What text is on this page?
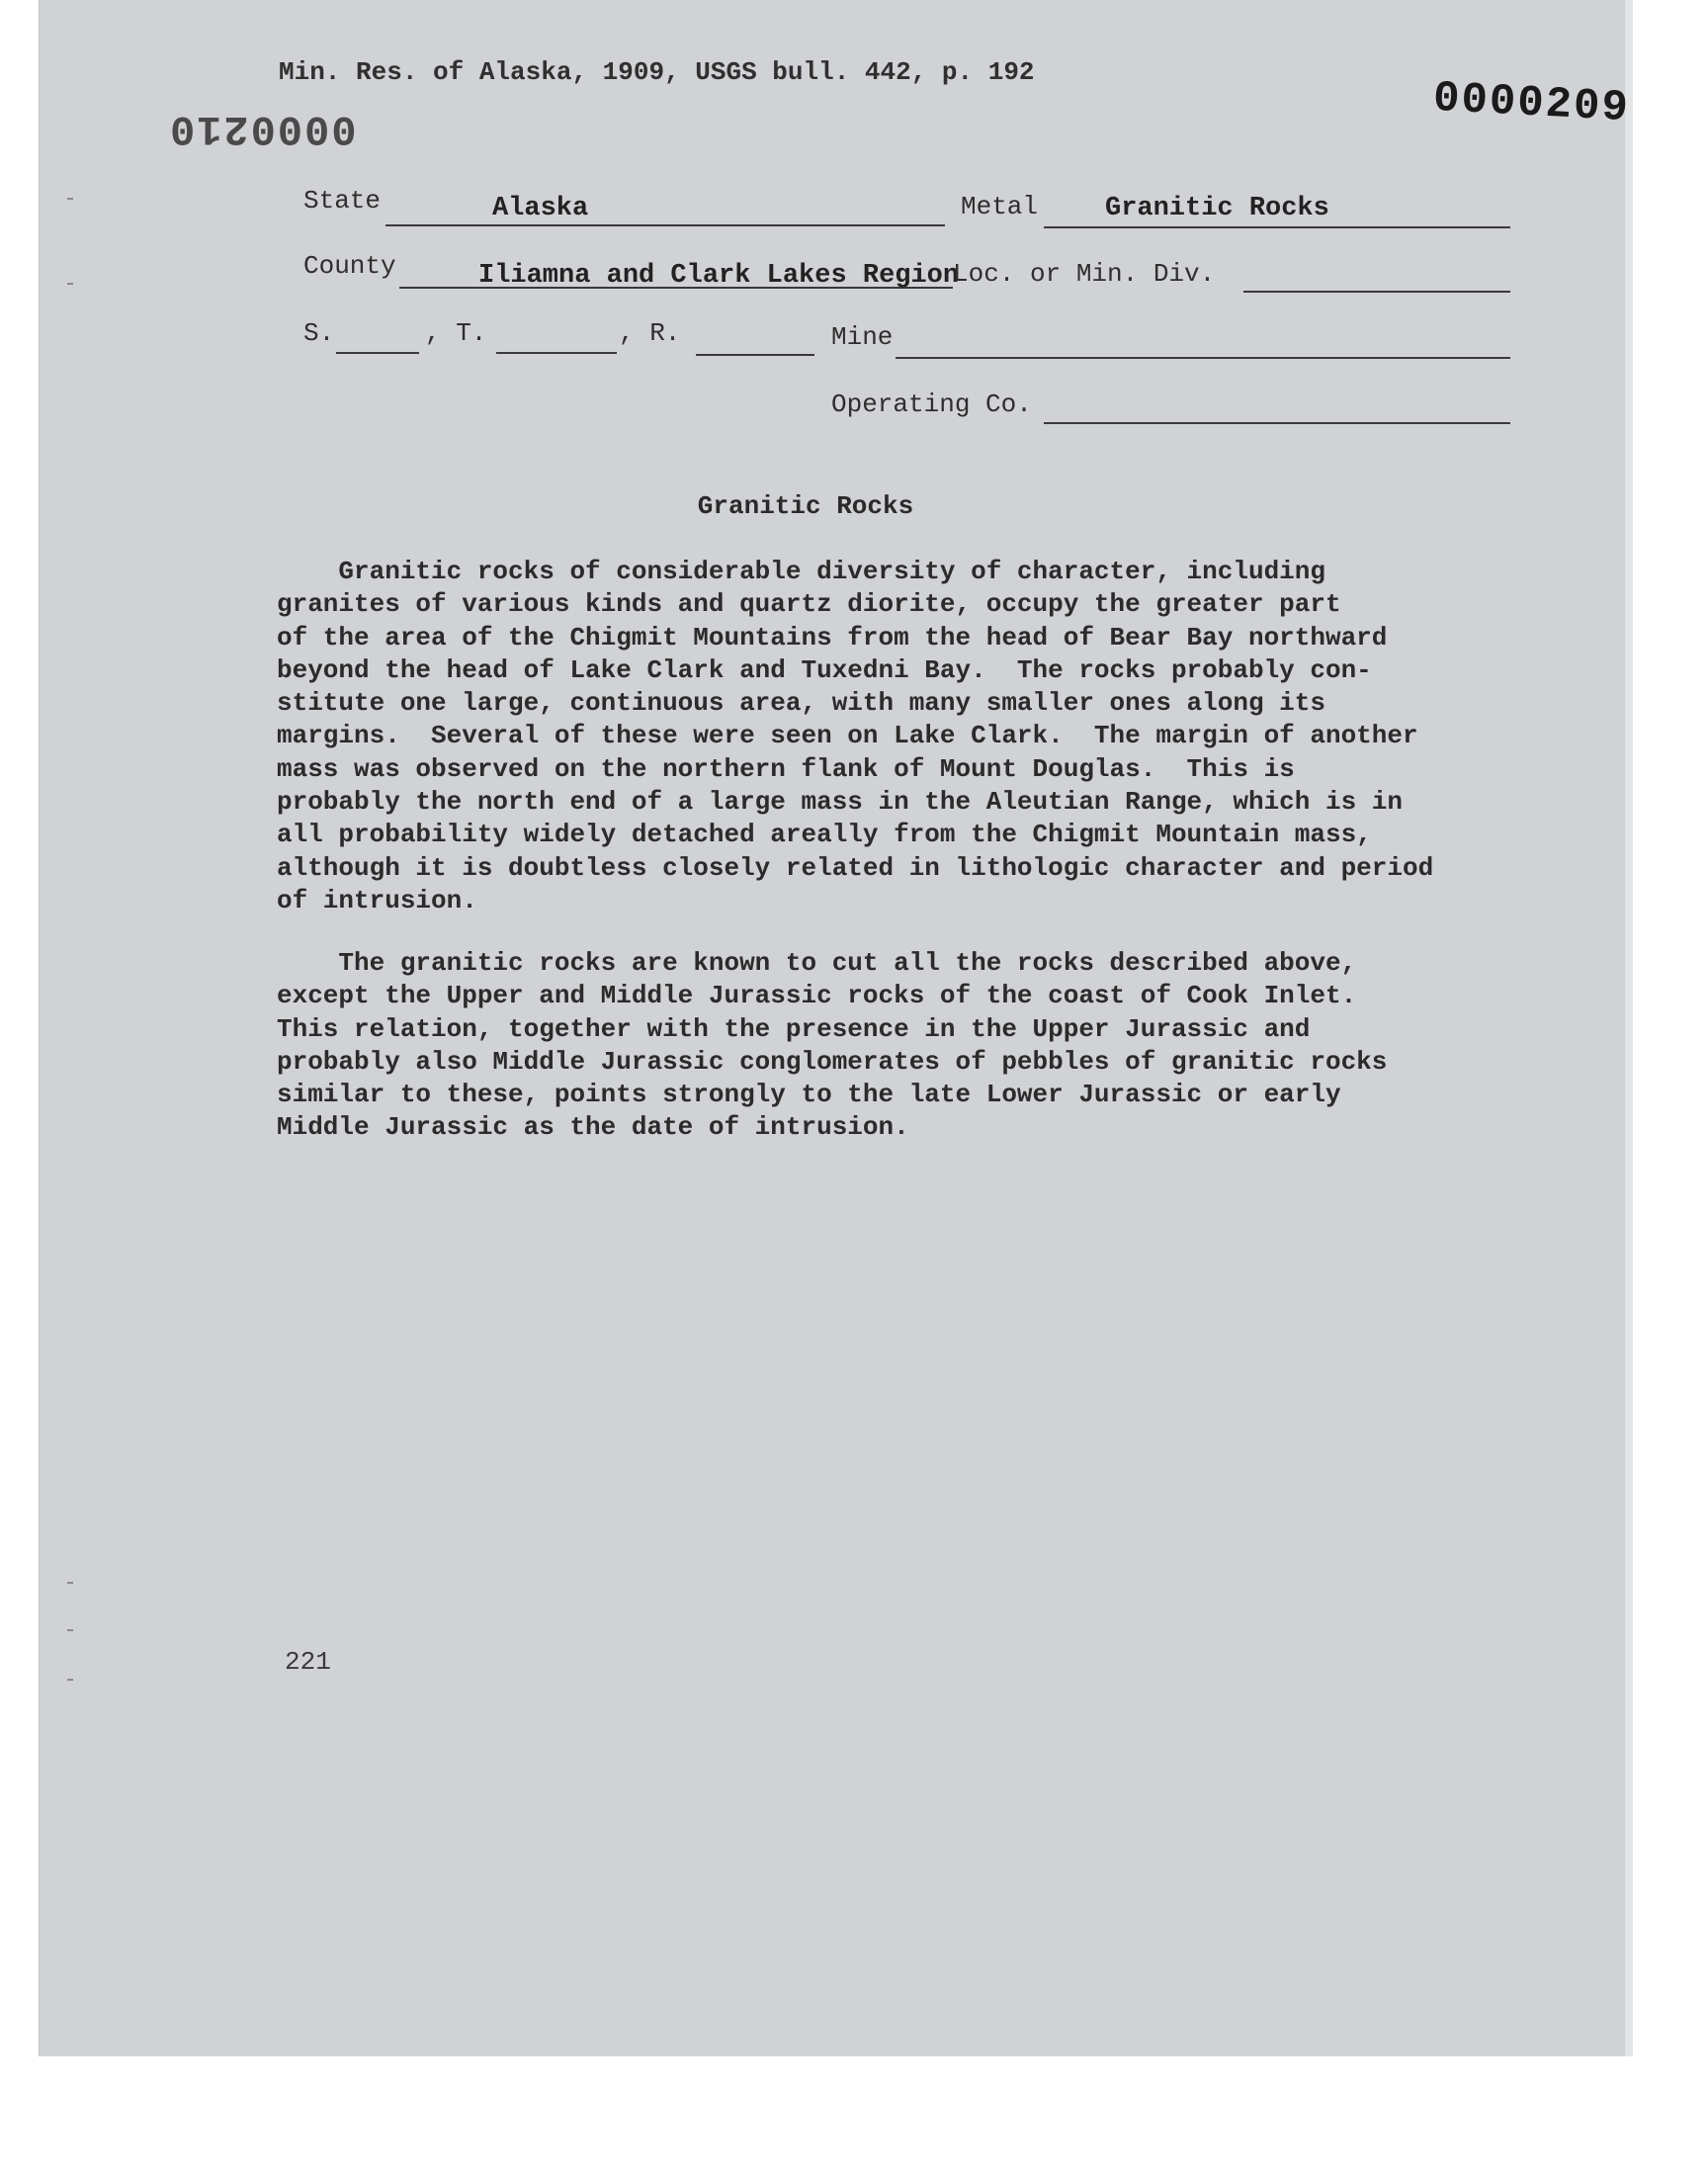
Min. Res. of Alaska, 1909, USGS bull. 442, p. 192
0000210	0000209
State	Alaska	Metal	Granitic Rocks
County	Iliamna and Clark Lakes Region
Loc. or Min. Div.
S.	, T.	, R.	Mine
Operating Co.
Granitic Rocks
Granitic rocks of considerable diversity of character, including
granites of various kinds and quartz diorite, occupy the greater part
of the area of the Chigmit Mountains from the head of Bear Bay northward
beyond the head of Lake Clark and Tuxedni Bay.  The rocks probably con-
stitute one large, continuous area, with many smaller ones along its
margins.  Several of these were seen on Lake Clark.  The margin of another
mass was observed on the northern flank of Mount Douglas.  This is
probably the north end of a large mass in the Aleutian Range, which is in
all probability widely detached areally from the Chigmit Mountain mass,
although it is doubtless closely related in lithologic character and period
of intrusion.
The granitic rocks are known to cut all the rocks described above,
except the Upper and Middle Jurassic rocks of the coast of Cook Inlet.
This relation, together with the presence in the Upper Jurassic and
probably also Middle Jurassic conglomerates of pebbles of granitic rocks
similar to these, points strongly to the late Lower Jurassic or early
Middle Jurassic as the date of intrusion.
221
